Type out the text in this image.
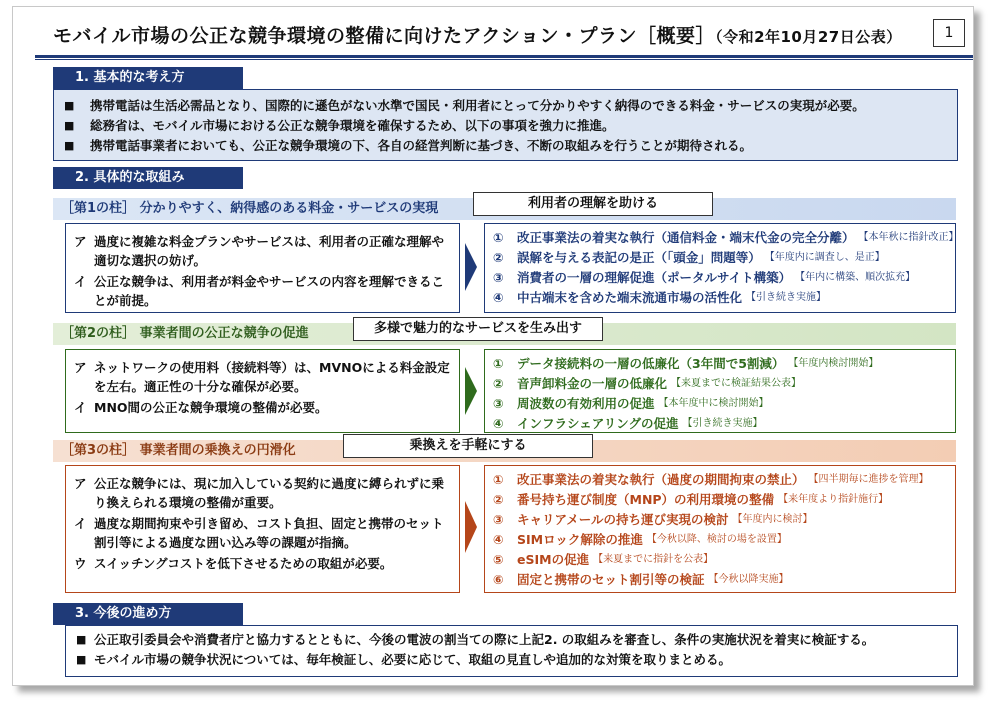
モバイル市場の公正な競争環境の整備に向けたアクション・プラン［概要］（令和2年10月27日公表）	1
1. 基本的な考え方
■	携帯電話は生活必需品となり、国際的に遜色がない水準で国民・利用者にとって分かりやすく納得のできる料金・サービスの実現が必要。
■	総務省は、モバイル市場における公正な競争環境を確保するため、以下の事項を強力に推進。
■	携帯電話事業者においても、公正な競争環境の下、各自の経営判断に基づき、不断の取組みを行うことが期待される。
2. 具体的な取組み
［第1の柱］ 分かりやすく、納得感のある料金・サービスの実現	利用者の理解を助ける
ア 過度に複雑な料金プランやサービスは、利用者の正確な理解や適切な選択の妨げ。
イ 公正な競争は、利用者が料金やサービスの内容を理解できることが前提。
①	改正事業法の着実な執行（通信料金・端末代金の完全分離） 【本年秋に指針改正】
②	誤解を与える表記の是正（「頭金」問題等） 【年度内に調査し、是正】
③	消費者の一層の理解促進（ポータルサイト構築） 【年内に構築、順次拡充】
④	中古端末を含めた端末流通市場の活性化 【引き続き実施】
［第2の柱］ 事業者間の公正な競争の促進	多様で魅力的なサービスを生み出す
ア ネットワークの使用料（接続料等）は、MVNOによる料金設定を左右。適正性の十分な確保が必要。
イ MNO間の公正な競争環境の整備が必要。
①	データ接続料の一層の低廉化（3年間で5割減） 【年度内検討開始】
②	音声卸料金の一層の低廉化 【来夏までに検証結果公表】
③	周波数の有効利用の促進 【本年度中に検討開始】
④	インフラシェアリングの促進 【引き続き実施】
［第3の柱］ 事業者間の乗換えの円滑化	乗換えを手軽にする
ア 公正な競争には、現に加入している契約に過度に縛られずに乗り換えられる環境の整備が重要。
イ 過度な期間拘束や引き留め、コスト負担、固定と携帯のセット割引等による過度な囲い込み等の課題が指摘。
ウ スイッチングコストを低下させるための取組が必要。
①	改正事業法の着実な執行（過度の期間拘束の禁止） 【四半期毎に進捗を管理】
②	番号持ち運び制度（MNP）の利用環境の整備 【来年度より指針施行】
③	キャリアメールの持ち運び実現の検討 【年度内に検討】
④	SIMロック解除の推進 【今秋以降、検討の場を設置】
⑤	eSIMの促進 【来夏までに指針を公表】
⑥	固定と携帯のセット割引等の検証 【今秋以降実施】
3. 今後の進め方
■ 公正取引委員会や消費者庁と協力するとともに、今後の電波の割当ての際に上記2. の取組みを審査し、条件の実施状況を着実に検証する。
■ モバイル市場の競争状況については、毎年検証し、必要に応じて、取組の見直しや追加的な対策を取りまとめる。
